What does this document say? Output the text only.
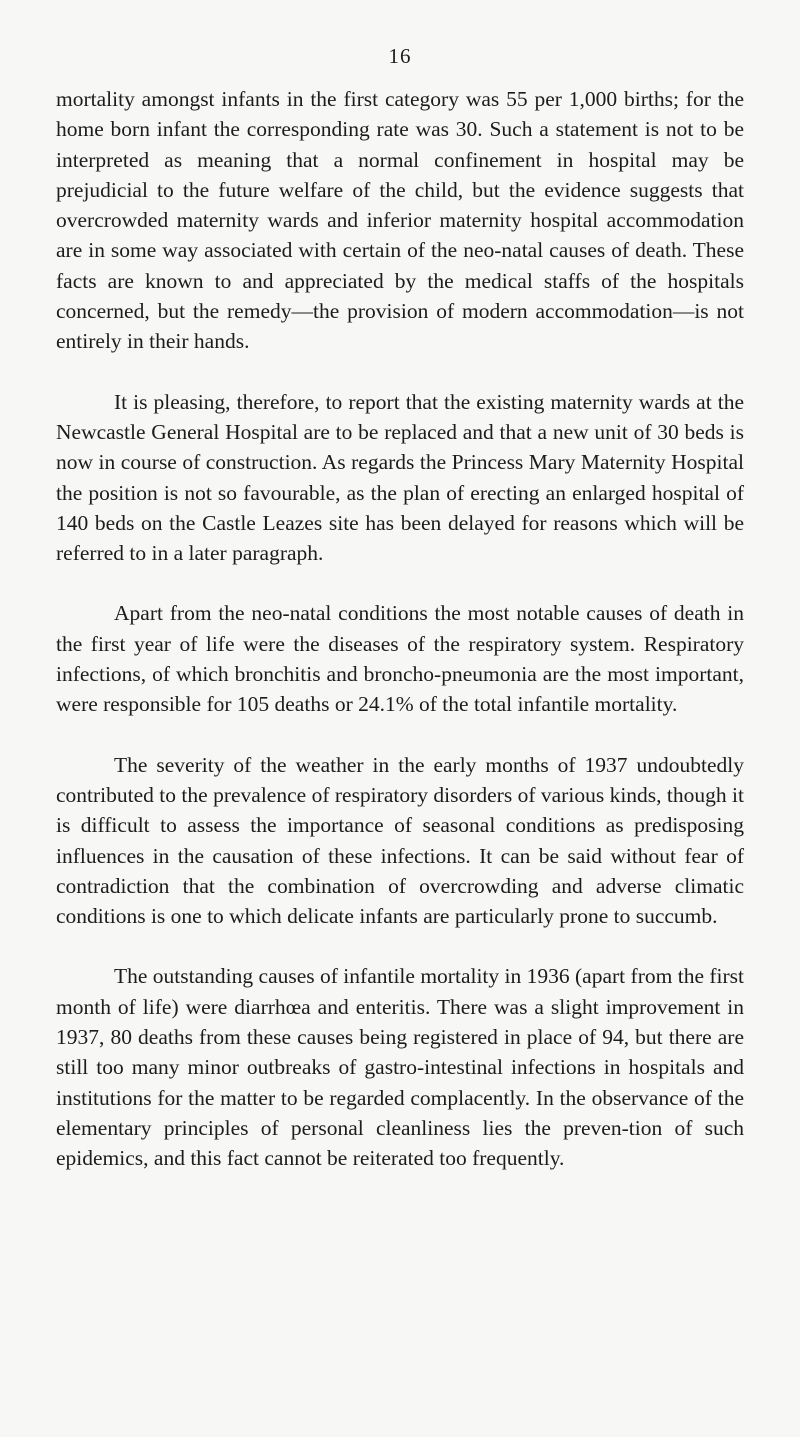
16

mortality amongst infants in the first category was 55 per 1,000 births; for the home born infant the corresponding rate was 30. Such a statement is not to be interpreted as meaning that a normal confinement in hospital may be prejudicial to the future welfare of the child, but the evidence suggests that overcrowded maternity wards and inferior maternity hospital accommodation are in some way associated with certain of the neo-natal causes of death. These facts are known to and appreciated by the medical staffs of the hospitals concerned, but the remedy—the provision of modern accommodation—is not entirely in their hands.

It is pleasing, therefore, to report that the existing maternity wards at the Newcastle General Hospital are to be replaced and that a new unit of 30 beds is now in course of construction. As regards the Princess Mary Maternity Hospital the position is not so favourable, as the plan of erecting an enlarged hospital of 140 beds on the Castle Leazes site has been delayed for reasons which will be referred to in a later paragraph.

Apart from the neo-natal conditions the most notable causes of death in the first year of life were the diseases of the respiratory system. Respiratory infections, of which bronchitis and broncho-pneumonia are the most important, were responsible for 105 deaths or 24.1% of the total infantile mortality.

The severity of the weather in the early months of 1937 undoubtedly contributed to the prevalence of respiratory disorders of various kinds, though it is difficult to assess the importance of seasonal conditions as predisposing influences in the causation of these infections. It can be said without fear of contradiction that the combination of overcrowding and adverse climatic conditions is one to which delicate infants are particularly prone to succumb.

The outstanding causes of infantile mortality in 1936 (apart from the first month of life) were diarrhœa and enteritis. There was a slight improvement in 1937, 80 deaths from these causes being registered in place of 94, but there are still too many minor outbreaks of gastro-intestinal infections in hospitals and institutions for the matter to be regarded complacently. In the observance of the elementary principles of personal cleanliness lies the preven-tion of such epidemics, and this fact cannot be reiterated too frequently.
